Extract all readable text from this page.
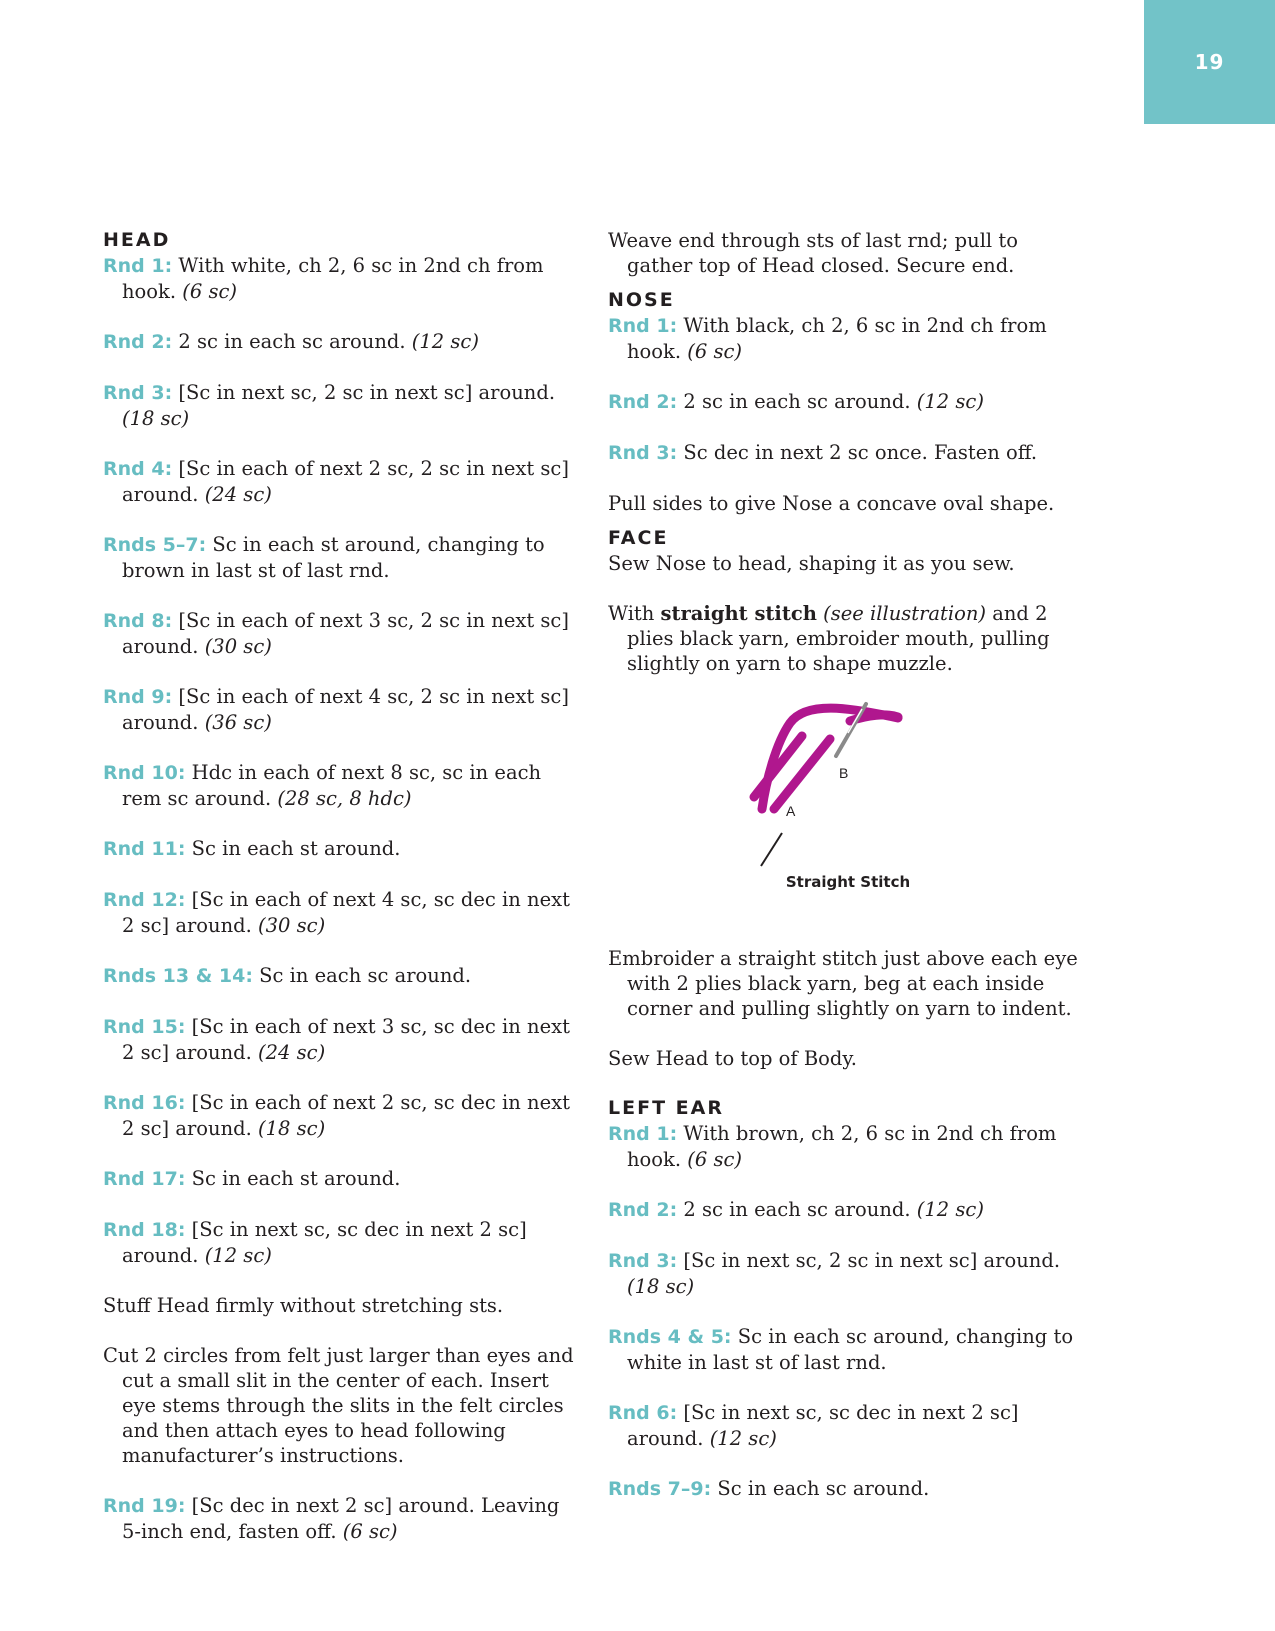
19
HEAD

Rnd 1: With white, ch 2, 6 sc in 2nd ch from hook. (6 sc)

Rnd 2: 2 sc in each sc around. (12 sc)

Rnd 3: [Sc in next sc, 2 sc in next sc] around. (18 sc)

Rnd 4: [Sc in each of next 2 sc, 2 sc in next sc] around. (24 sc)

Rnds 5–7: Sc in each st around, changing to brown in last st of last rnd.

Rnd 8: [Sc in each of next 3 sc, 2 sc in next sc] around. (30 sc)

Rnd 9: [Sc in each of next 4 sc, 2 sc in next sc] around. (36 sc)

Rnd 10: Hdc in each of next 8 sc, sc in each rem sc around. (28 sc, 8 hdc)

Rnd 11: Sc in each st around.

Rnd 12: [Sc in each of next 4 sc, sc dec in next 2 sc] around. (30 sc)

Rnds 13 & 14: Sc in each sc around.

Rnd 15: [Sc in each of next 3 sc, sc dec in next 2 sc] around. (24 sc)

Rnd 16: [Sc in each of next 2 sc, sc dec in next 2 sc] around. (18 sc)

Rnd 17: Sc in each st around.

Rnd 18: [Sc in next sc, sc dec in next 2 sc] around. (12 sc)

Stuff Head firmly without stretching sts.

Cut 2 circles from felt just larger than eyes and cut a small slit in the center of each. Insert eye stems through the slits in the felt circles and then attach eyes to head following manufacturer’s instructions.

Rnd 19: [Sc dec in next 2 sc] around. Leaving 5-inch end, fasten off. (6 sc)

Weave end through sts of last rnd; pull to gather top of Head closed. Secure end.

NOSE

Rnd 1: With black, ch 2, 6 sc in 2nd ch from hook. (6 sc)

Rnd 2: 2 sc in each sc around. (12 sc)

Rnd 3: Sc dec in next 2 sc once. Fasten off.

Pull sides to give Nose a concave oval shape.

FACE

Sew Nose to head, shaping it as you sew.

With straight stitch (see illustration) and 2 plies black yarn, embroider mouth, pulling slightly on yarn to shape muzzle.

B
A
Straight Stitch

Embroider a straight stitch just above each eye with 2 plies black yarn, beg at each inside corner and pulling slightly on yarn to indent.

Sew Head to top of Body.

LEFT EAR

Rnd 1: With brown, ch 2, 6 sc in 2nd ch from hook. (6 sc)

Rnd 2: 2 sc in each sc around. (12 sc)

Rnd 3: [Sc in next sc, 2 sc in next sc] around. (18 sc)

Rnds 4 & 5: Sc in each sc around, changing to white in last st of last rnd.

Rnd 6: [Sc in next sc, sc dec in next 2 sc] around. (12 sc)

Rnds 7–9: Sc in each sc around.
